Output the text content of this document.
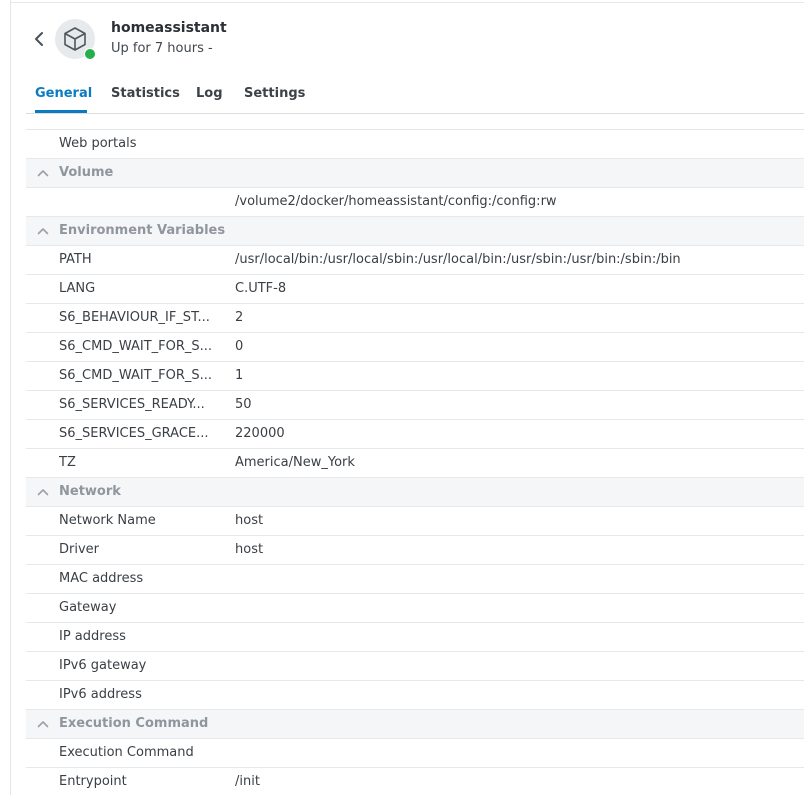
homeassistant
Up for 7 hours -
General Statistics Log Settings
Web portals
Volume
/volume2/docker/homeassistant/config:/config:rw
Environment Variables
PATH	/usr/local/bin:/usr/local/sbin:/usr/local/bin:/usr/sbin:/usr/bin:/sbin:/bin
LANG	C.UTF-8
S6_BEHAVIOUR_IF_ST...	2
S6_CMD_WAIT_FOR_S...	0
S6_CMD_WAIT_FOR_S...	1
S6_SERVICES_READY...	50
S6_SERVICES_GRACE...	220000
TZ	America/New_York
Network
Network Name	host
Driver	host
MAC address
Gateway
IP address
IPv6 gateway
IPv6 address
Execution Command
Execution Command
Entrypoint	/init
